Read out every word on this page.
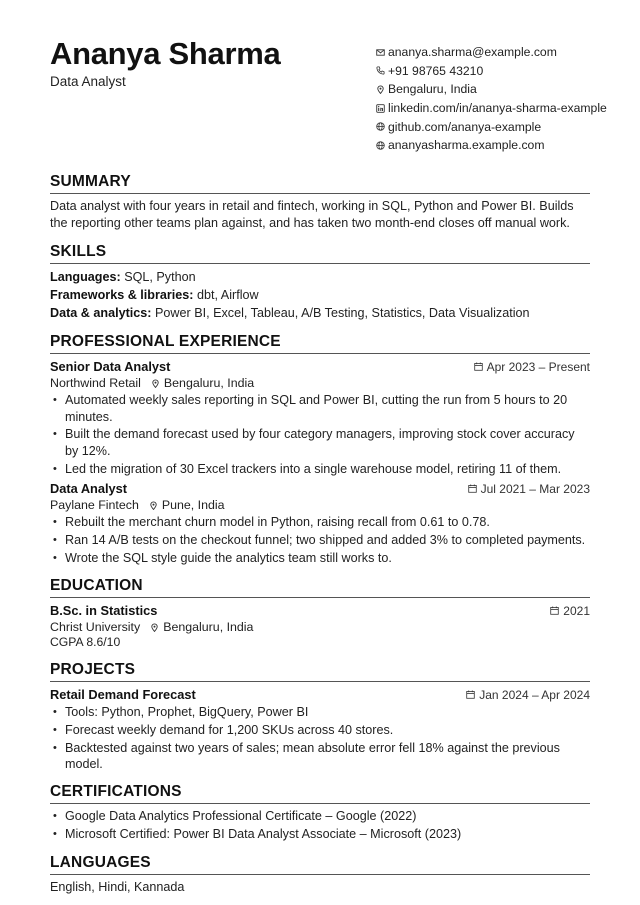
Ananya Sharma
Data Analyst
ananya.sharma@example.com
+91 98765 43210
Bengaluru, India
linkedin.com/in/ananya-sharma-example
github.com/ananya-example
ananyasharma.example.com
SUMMARY
Data analyst with four years in retail and fintech, working in SQL, Python and Power BI. Builds the reporting other teams plan against, and has taken two month-end closes off manual work.
SKILLS
Languages: SQL, Python
Frameworks & libraries: dbt, Airflow
Data & analytics: Power BI, Excel, Tableau, A/B Testing, Statistics, Data Visualization
PROFESSIONAL EXPERIENCE
Senior Data Analyst	Apr 2023 – Present
Northwind Retail Bengaluru, India
• Automated weekly sales reporting in SQL and Power BI, cutting the run from 5 hours to 20 minutes.
• Built the demand forecast used by four category managers, improving stock cover accuracy by 12%.
• Led the migration of 30 Excel trackers into a single warehouse model, retiring 11 of them.
Data Analyst	Jul 2021 – Mar 2023
Paylane Fintech Pune, India
• Rebuilt the merchant churn model in Python, raising recall from 0.61 to 0.78.
• Ran 14 A/B tests on the checkout funnel; two shipped and added 3% to completed payments.
• Wrote the SQL style guide the analytics team still works to.
EDUCATION
B.Sc. in Statistics	2021
Christ University Bengaluru, India
CGPA 8.6/10
PROJECTS
Retail Demand Forecast	Jan 2024 – Apr 2024
• Tools: Python, Prophet, BigQuery, Power BI
• Forecast weekly demand for 1,200 SKUs across 40 stores.
• Backtested against two years of sales; mean absolute error fell 18% against the previous model.
CERTIFICATIONS
• Google Data Analytics Professional Certificate – Google (2022)
• Microsoft Certified: Power BI Data Analyst Associate – Microsoft (2023)
LANGUAGES
English, Hindi, Kannada
